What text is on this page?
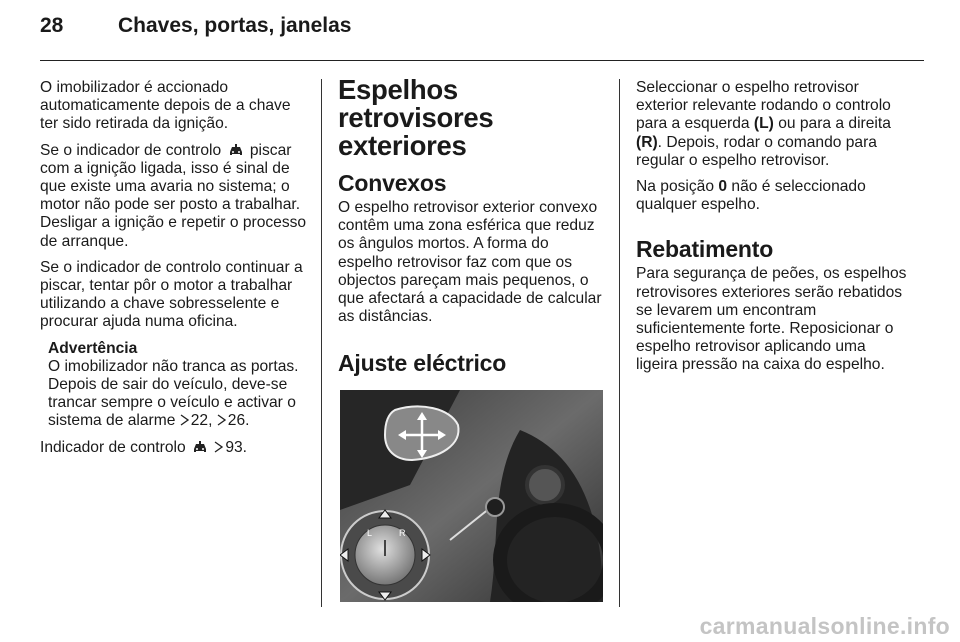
28	Chaves, portas, janelas

O imobilizador é accionado automaticamente depois de a chave ter sido retirada da ignição.

Se o indicador de controlo piscar com a ignição ligada, isso é sinal de que existe uma avaria no sistema; o motor não pode ser posto a trabalhar. Desligar a ignição e repetir o processo de arranque.

Se o indicador de controlo continuar a piscar, tentar pôr o motor a trabalhar utilizando a chave sobresselente e procurar ajuda numa oficina.

Advertência
O imobilizador não tranca as portas. Depois de sair do veículo, deve-se trancar sempre o veículo e activar o sistema de alarme 22, 26.

Indicador de controlo	93.

Espelhos retrovisores exteriores
Convexos

O espelho retrovisor exterior convexo contêm uma zona esférica que reduz os ângulos mortos. A forma do espelho retrovisor faz com que os objectos pareçam mais pequenos, o que afectará a capacidade de calcular as distâncias.

Ajuste eléctrico
L	R

Seleccionar o espelho retrovisor exterior relevante rodando o controlo para a esquerda (L) ou para a direita (R). Depois, rodar o comando para regular o espelho retrovisor.

Na posição 0 não é seleccionado qualquer espelho.

Rebatimento

Para segurança de peões, os espelhos retrovisores exteriores serão rebatidos se levarem um encontram suficientemente forte. Reposicionar o espelho retrovisor aplicando uma ligeira pressão na caixa do espelho.

carmanualsonline.info
